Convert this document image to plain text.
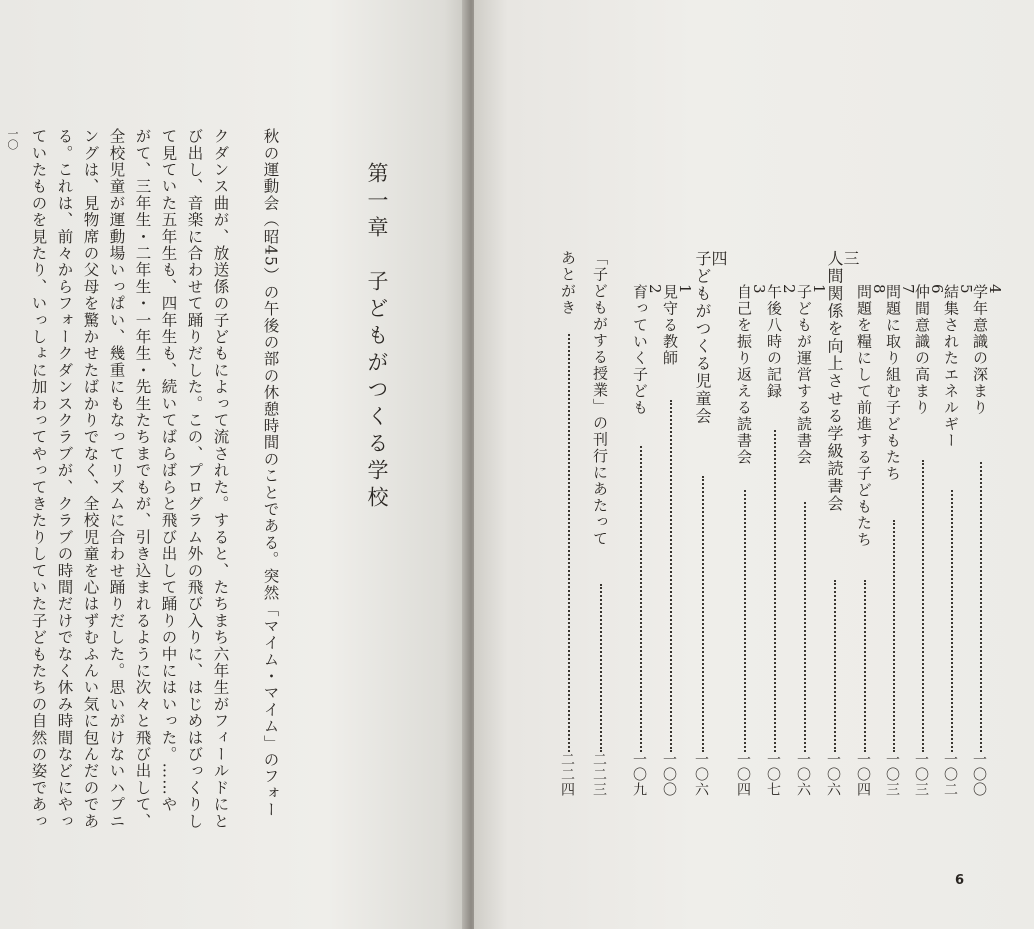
一〇 ていたものを見たり、いっしょに加わってやってきたりしていた子どもたちの自然の姿であっ る。これは、前々からフォークダンスクラブが、クラブの時間だけでなく休み時間などにやっ ングは、見物席の父母を驚かせたばかりでなく、全校児童を心はずむふんい気に包んだのであ 全校児童が運動場いっぱい、幾重にもなってリズムに合わせ踊りだした。思いがけないハプニ がて、三年生・二年生・一年生・先生たちまでもが、引き込まれるように次々と飛び出して、 て見ていた五年生も、四年生も、続いてばらばらと飛び出して踊りの中にはいった。……や び出し、音楽に合わせて踊りだした。この、プログラム外の飛び入りに、はじめはびっくりし クダンス曲が、放送係の子どもによって流された。すると、たちまち六年生がフィールドにと 秋の運動会（昭45）の午後の部の休憩時間のことである。突然「マイム・マイム」のフォー	第一章　子どもがつくる学校	4
学年意識の深まり
一〇〇
5
結集されたエネルギー
一〇二
6
仲間意識の高まり
一〇三
7
問題に取り組む子どもたち
一〇三
8
問題を糧にして前進する子どもたち
一〇四
三
人間関係を向上させる学級読書会
一〇六
1
子どもが運営する読書会
一〇六
2
午後八時の記録
一〇七
3
自己を振り返える読書会
一〇四
四
子どもがつくる児童会
一〇六
1
見守る教師
一〇〇
2
育っていく子ども
一〇九
「子どもがする授業」の刊行にあたって
二二三
あとがき
二二四
6
